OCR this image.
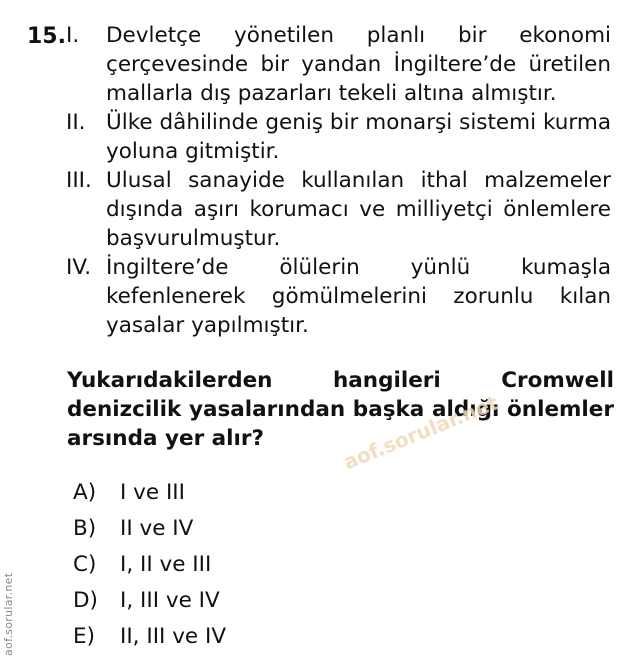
15. I.	Devletçe yönetilen planlı bir ekonomi çerçevesinde bir yandan İngiltere’de üretilen mallarla dış pazarları tekeli altına almıştır.
II. Ülke dâhilinde geniş bir monarşi sistemi kurma yoluna gitmiştir.
III. Ulusal sanayide kullanılan ithal malzemeler dışında aşırı korumacı ve milliyetçi önlemlere başvurulmuştur.
IV. İngiltere’de ölülerin yünlü kumaşla kefenlenerek gömülmelerini zorunlu kılan yasalar yapılmıştır.
Yukarıdakilerden hangileri Cromwell denizcilik yasalarından başka aldığı önlemler arsında yer alır?	aof.sorular.net
A)	I ve III
B)	II ve IV
C)	I, II ve III
D)	I, III ve IV
E)	II, III ve IV
aof.sorular.net
